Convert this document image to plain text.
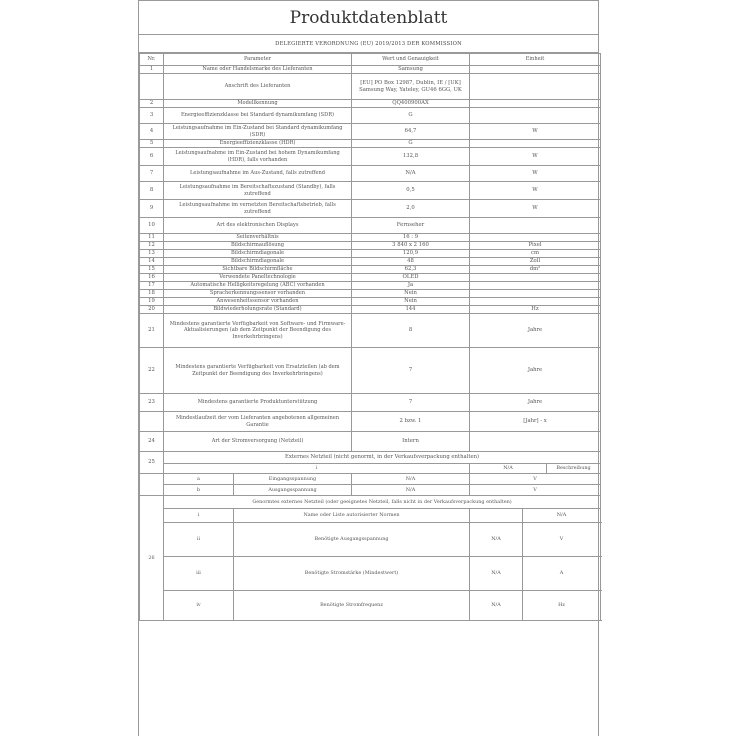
Produktdatenblatt
DELEGIERTE VERORDNUNG (EU) 2019/2013 DER KOMMISSION
Nr.	Parameter		Wert und Genauigkeit	Einheit		
1	Name oder Handelsmarke des Lieferanten		Samsung			
	Anschrift des Lieferanten		[EU] PO Box 12987, Dublin, IE / [UK] Samsung Way, Yateley, GU46 6GG, UK			
2	Modellkennung		QQ400900AX			
3	Energieeffizienzklasse bei Standard dynamikumfang (SDR)		G			
4	Leistungsaufnahme im Ein-Zustand bei Standard dynamikumfang (SDR)		64,7	W		
5	Energieeffizienzklasse (HDR)		G			
6	Leistungsaufnahme im Ein-Zustand bei hohem Dynamikumfang (HDR), falls vorhanden		132,8	W		
7	Leistungsaufnahme im Aus-Zustand, falls zutreffend		N/A	W		
8	Leistungsaufnahme im Bereitschaftszustand (Standby), falls zutreffend		0,5	W		
9	Leistungsaufnahme im vernetzten Bereitschaftsbetrieb, falls zutreffend		2,0	W		
10	Art des elektronischen Displays		Fernseher			
11	Seitenverhältnis		16 : 9			
12	Bildschirmauflösung		3 840 x 2 160	Pixel		
13	Bildschirmdiagonale		120,9	cm		
14	Bildschirmdiagonale		48	Zoll		
15	Sichtbare Bildschirmfläche		62,3	dm²		
16	Verwendete Paneltechnologie		OLED			
17	Automatische Helligkeitsregelung (ABC) vorhanden		Ja			
18	Spracherkennungssensor vorhanden		Nein			
19	Anwesenheitssensor vorhanden		Nein			
20	Bildwiederholungsrate (Standard)		144	Hz		
21	Mindestens garantierte Verfügbarkeit von Software- und Firmware-Aktualisierungen (ab dem Zeitpunkt der Beendigung des Inverkehrbringens)		8	Jahre		
22	Mindestens garantierte Verfügbarkeit von Ersatzteilen (ab dem Zeitpunkt der Beendigung des Inverkehrbringens)		7	Jahre		
23	Mindestens garantierte Produktunterstützung		7	Jahre		
	Mindestlaufzeit der vom Lieferanten angebotenen allgemeinen Garantie		2 bzw. 1	[Jahr] - x		
24	Art der Stromversorgung (Netzteil)		Intern			
25	Externes Netzteil (nicht genormt, in der Verkaufsverpackung enthalten)					
	i			N/A		Beschreibung
	a	Eingangsspannung	N/A	V		
	b	Ausgangsspannung	N/A	V		
26	Genormtes externes Netzteil (oder geeignetes Netzteil, falls nicht in der Verkaufsverpackung enthalten)					
	i	Name oder Liste autorisierter Normen			N/A	
	ii	Benötigte Ausgangsspannung		N/A	V	
	iii	Benötigte Stromstärke (Mindestwert)		N/A	A	
	iv	Benötigte Stromfrequenz		N/A	Hz	
